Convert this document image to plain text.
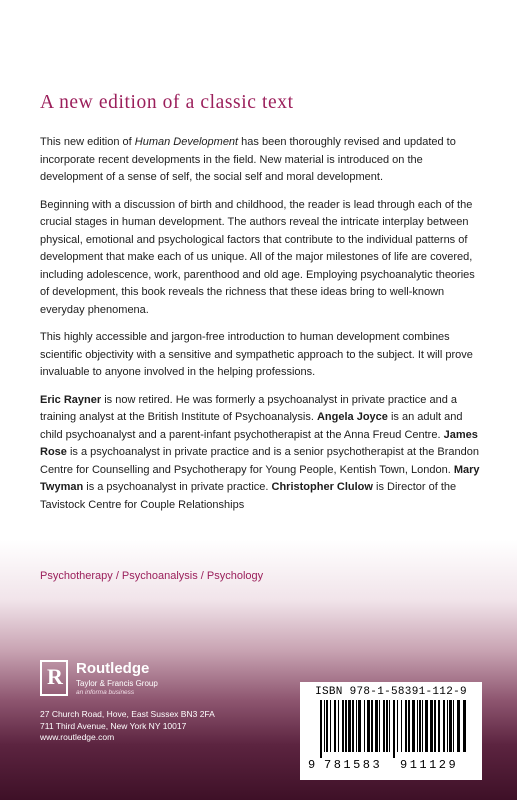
A new edition of a classic text

This new edition of Human Development has been thoroughly revised and updated to incorporate recent developments in the field. New material is introduced on the development of a sense of self, the social self and moral development.

Beginning with a discussion of birth and childhood, the reader is lead through each of the crucial stages in human development. The authors reveal the intricate interplay between physical, emotional and psychological factors that contribute to the individual patterns of development that make each of us unique. All of the major milestones of life are covered, including adolescence, work, parenthood and old age. Employing psychoanalytic theories of development, this book reveals the richness that these ideas bring to well-known everyday phenomena.

This highly accessible and jargon-free introduction to human development combines scientific objectivity with a sensitive and sympathetic approach to the subject. It will prove invaluable to anyone involved in the helping professions.

Eric Rayner is now retired. He was formerly a psychoanalyst in private practice and a training analyst at the British Institute of Psychoanalysis. Angela Joyce is an adult and child psychoanalyst and a parent-infant psychotherapist at the Anna Freud Centre. James Rose is a psychoanalyst in private practice and is a senior psychotherapist at the Brandon Centre for Counselling and Psychotherapy for Young People, Kentish Town, London. Mary Twyman is a psychoanalyst in private practice. Christopher Clulow is Director of the Tavistock Centre for Couple Relationships

Psychotherapy / Psychoanalysis / Psychology
R
Routledge
Taylor & Francis Group
an informa business
27 Church Road, Hove, East Sussex BN3 2FA
711 Third Avenue, New York NY 10017
www.routledge.com
ISBN 978-1-58391-112-9
9 781583 911129
